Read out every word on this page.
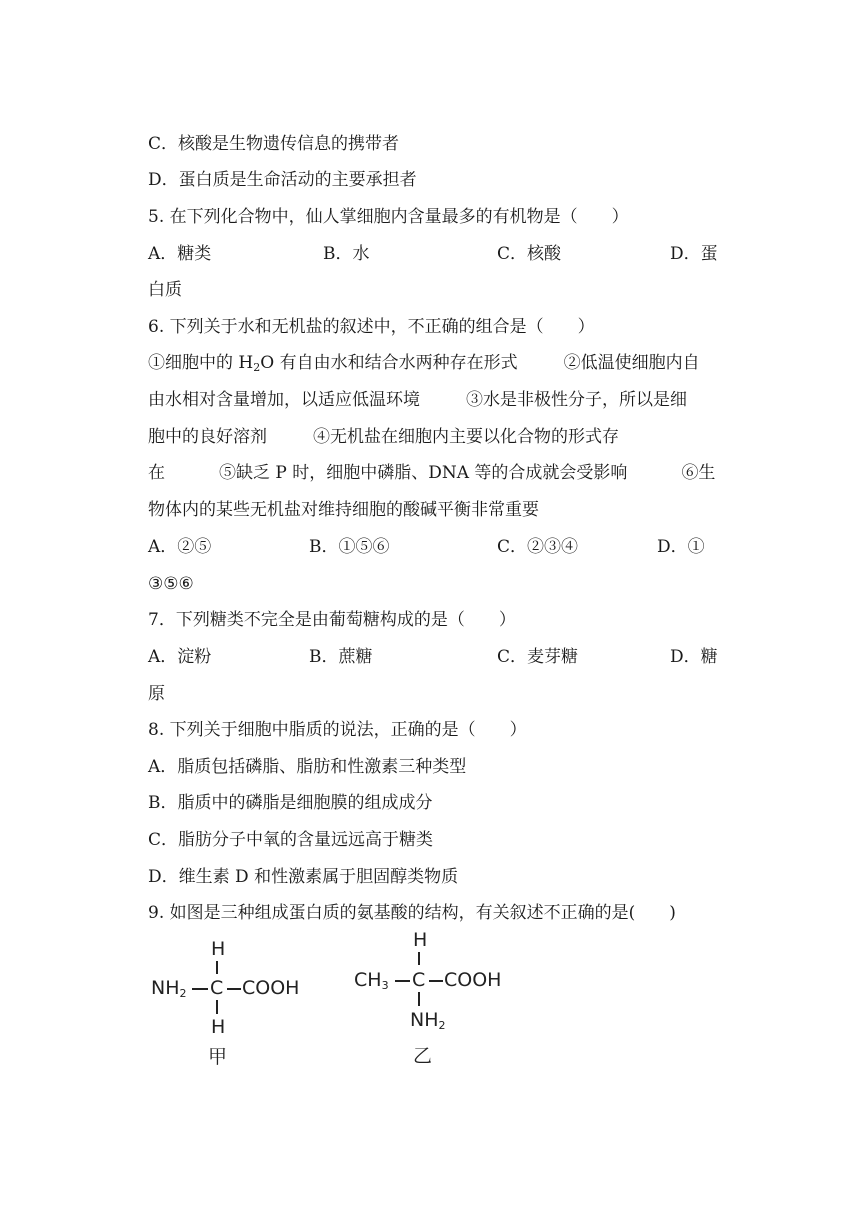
C．核酸是生物遗传信息的携带者
D．蛋白质是生命活动的主要承担者
5. 在下列化合物中，仙人掌细胞内含量最多的有机物是（　　）
A．糖类	B．水	C．核酸	D．蛋
白质
6. 下列关于水和无机盐的叙述中，不正确的组合是（　　）
①细胞中的 $H_2O$ 有自由水和结合水两种存在形式	②低温使细胞内自
由水相对含量增加，以适应低温环境	③水是非极性分子，所以是细
胞中的良好溶剂	④无机盐在细胞内主要以化合物的形式存
在	⑤缺乏 P 时，细胞中磷脂、DNA 等的合成就会受影响	⑥生
物体内的某些无机盐对维持细胞的酸碱平衡非常重要
A．②⑤	B．①⑤⑥	C．②③④	D．①
③⑤⑥
7．下列糖类不完全是由葡萄糖构成的是（　　）
A．淀粉	B．蔗糖	C．麦芽糖	D．糖
原
8. 下列关于细胞中脂质的说法，正确的是（　　）
A．脂质包括磷脂、脂肪和性激素三种类型
B．脂质中的磷脂是细胞膜的组成成分
C．脂肪分子中氧的含量远远高于糖类
D．维生素 D 和性激素属于胆固醇类物质
9. 如图是三种组成蛋白质的氨基酸的结构，有关叙述不正确的是(　　)
H
$NH_2$ C COOH
H
甲
H
$CH_3$ C COOH
$NH_2$
乙
